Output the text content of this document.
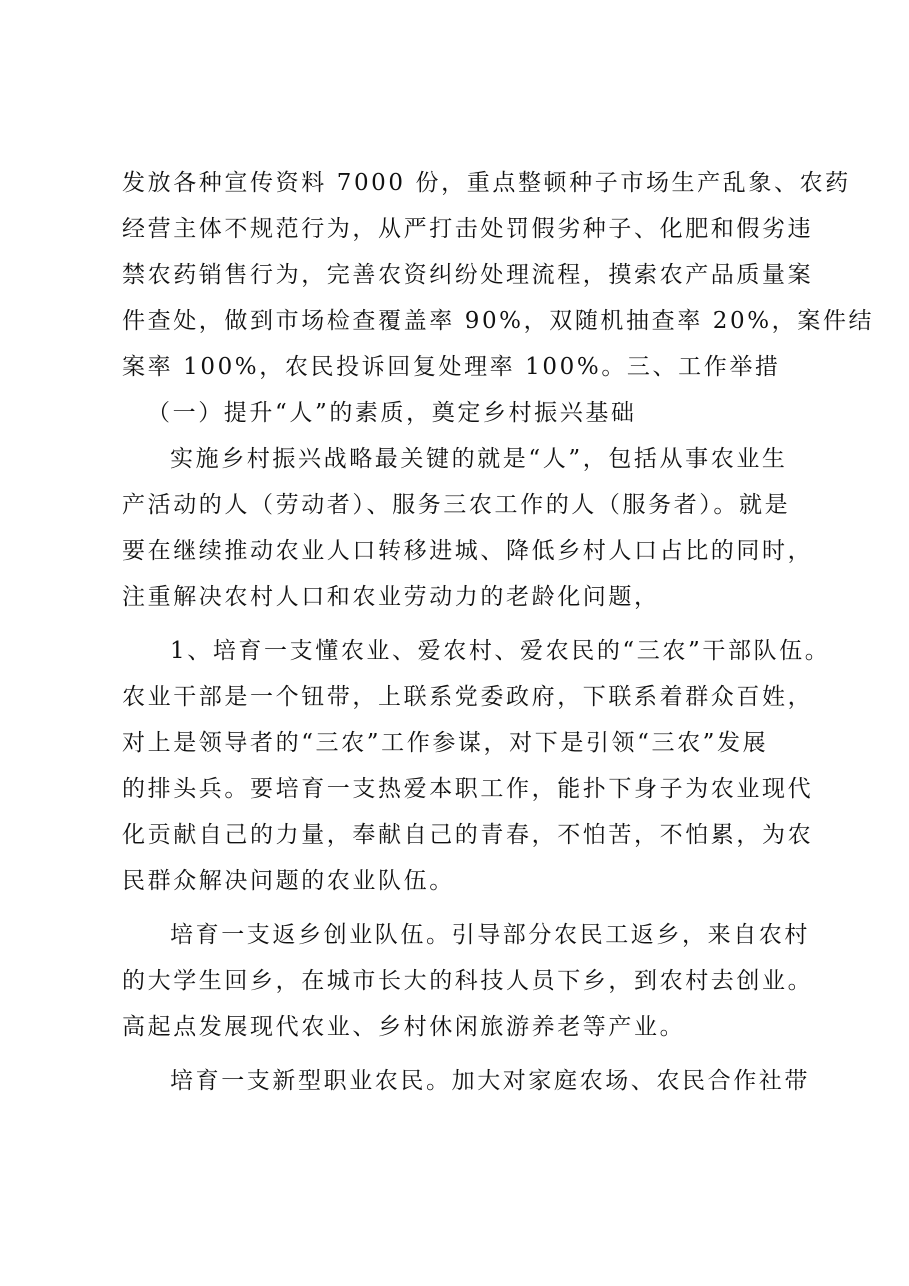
发放各种宣传资料 7000 份，重点整顿种子市场生产乱象、农药
经营主体不规范行为，从严打击处罚假劣种子、化肥和假劣违
禁农药销售行为，完善农资纠纷处理流程，摸索农产品质量案
件查处，做到市场检查覆盖率 90%，双随机抽查率 20%，案件结
案率 100%，农民投诉回复处理率 100%。三、工作举措
（一）提升“人”的素质，奠定乡村振兴基础
实施乡村振兴战略最关键的就是“人”，包括从事农业生
产活动的人（劳动者）、服务三农工作的人（服务者）。就是
要在继续推动农业人口转移进城、降低乡村人口占比的同时，
注重解决农村人口和农业劳动力的老龄化问题，
1、培育一支懂农业、爱农村、爱农民的“三农”干部队伍。
农业干部是一个钮带，上联系党委政府，下联系着群众百姓，
对上是领导者的“三农”工作参谋，对下是引领“三农”发展
的排头兵。要培育一支热爱本职工作，能扑下身子为农业现代
化贡献自己的力量，奉献自己的青春，不怕苦，不怕累，为农
民群众解决问题的农业队伍。
培育一支返乡创业队伍。引导部分农民工返乡，来自农村
的大学生回乡，在城市长大的科技人员下乡，到农村去创业。
高起点发展现代农业、乡村休闲旅游养老等产业。
培育一支新型职业农民。加大对家庭农场、农民合作社带
